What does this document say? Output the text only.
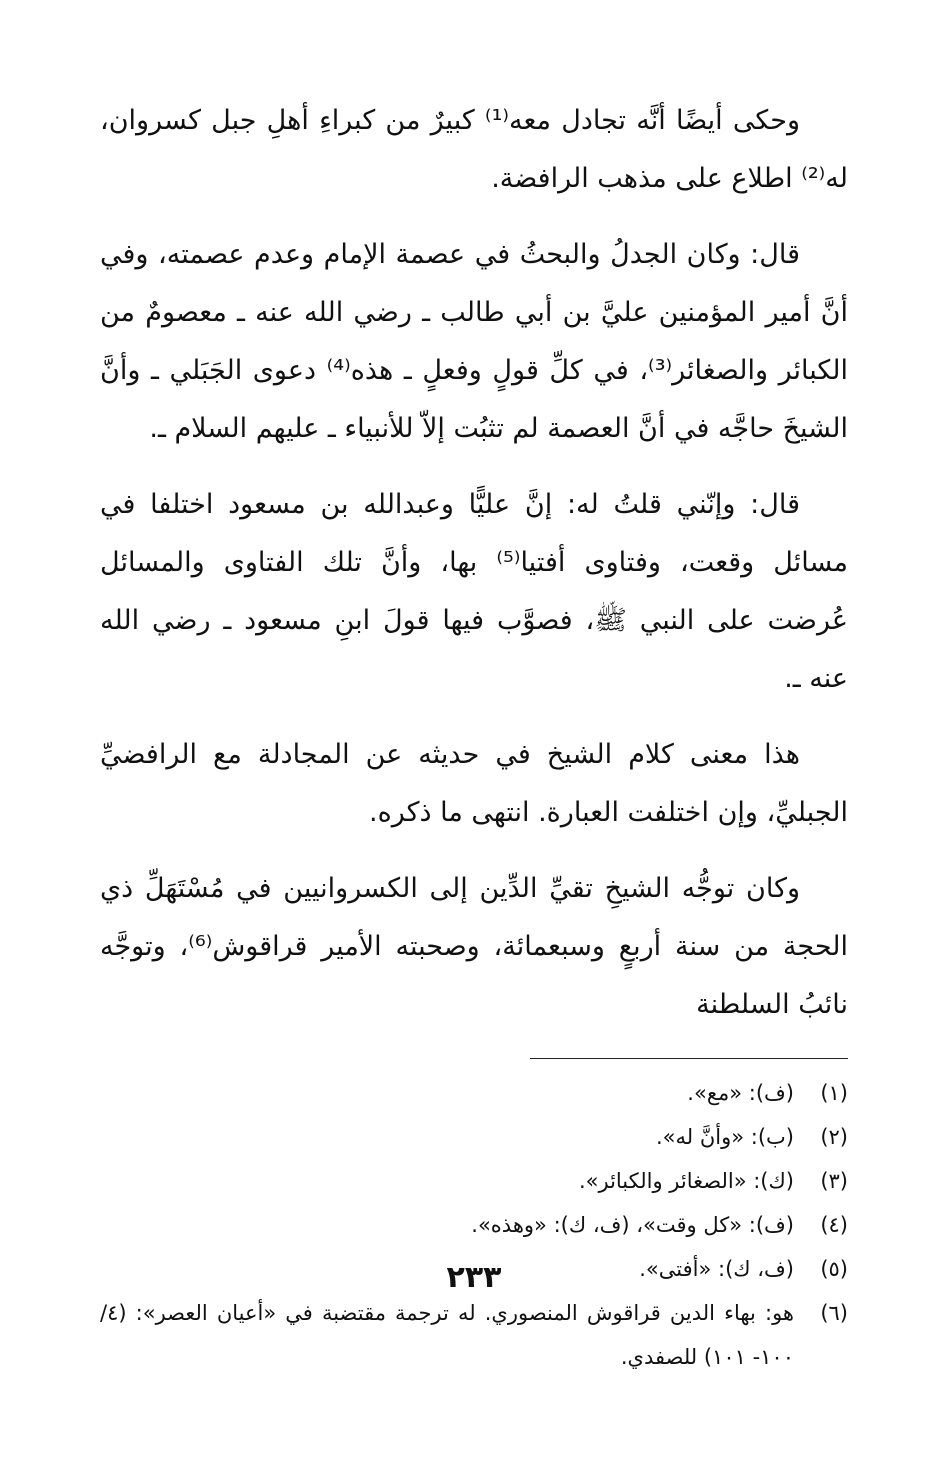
وحكى أيضًا أنَّه تجادل معه⁽¹⁾ كبيرٌ من كبراءِ أهلِ جبل كسروان، له⁽²⁾ اطلاع على مذهب الرافضة.

قال: وكان الجدلُ والبحثُ في عصمة الإمام وعدم عصمته، وفي أنَّ أمير المؤمنين عليَّ بن أبي طالب ـ رضي الله عنه ـ معصومٌ من الكبائر والصغائر⁽³⁾، في كلِّ قولٍ وفعلٍ ـ هذه⁽⁴⁾ دعوى الجَبَلي ـ وأنَّ الشيخَ حاجَّه في أنَّ العصمة لم تثبُت إلاّ للأنبياء ـ عليهم السلام ـ.

قال: وإنّني قلتُ له: إنَّ عليًّا وعبدالله بن مسعود اختلفا في مسائل وقعت، وفتاوى أفتيا⁽⁵⁾ بها، وأنَّ تلك الفتاوى والمسائل عُرضت على النبي ﷺ، فصوَّب فيها قولَ ابنِ مسعود ـ رضي الله عنه ـ.

هذا معنى كلام الشيخ في حديثه عن المجادلة مع الرافضيِّ الجبليِّ، وإن اختلفت العبارة. انتهى ما ذكره.

وكان توجُّه الشيخِ تقيِّ الدِّين إلى الكسروانيين في مُسْتَهَلِّ ذي الحجة من سنة أربعٍ وسبعمائة، وصحبته الأمير قراقوش⁽⁶⁾، وتوجَّه نائبُ السلطنة

(١)
(ف): «مع».
(٢)
(ب): «وأنَّ له».
(٣)
(ك): «الصغائر والكبائر».
(٤)
(ف): «كل وقت»، (ف، ك): «وهذه».
(٥)
(ف، ك): «أفتى».
(٦)
هو: بهاء الدين قراقوش المنصوري. له ترجمة مقتضبة في «أعيان العصر»: (٤/ ١٠٠- ١٠١) للصفدي.
٢٣٣
